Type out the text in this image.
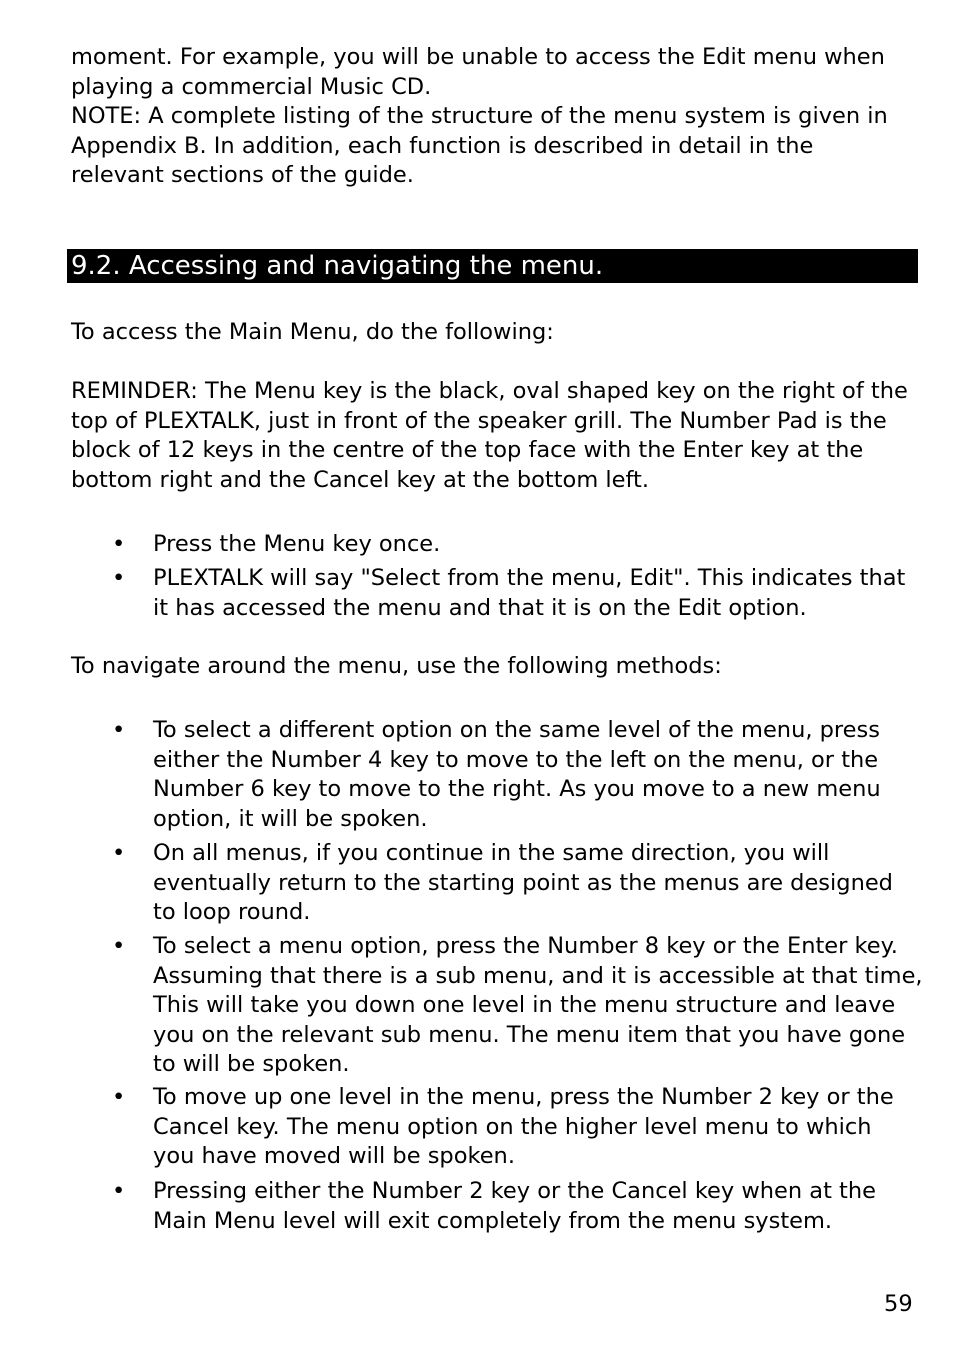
moment. For example, you will be unable to access the Edit menu when
playing a commercial Music CD.
NOTE: A complete listing of the structure of the menu system is given in
Appendix B. In addition, each function is described in detail in the
relevant sections of the guide.

9.2. Accessing and navigating the menu.

To access the Main Menu, do the following:

REMINDER: The Menu key is the black, oval shaped key on the right of the
top of PLEXTALK, just in front of the speaker grill. The Number Pad is the
block of 12 keys in the centre of the top face with the Enter key at the
bottom right and the Cancel key at the bottom left.

• Press the Menu key once.
• PLEXTALK will say "Select from the menu, Edit". This indicates that
it has accessed the menu and that it is on the Edit option.

To navigate around the menu, use the following methods:

• To select a different option on the same level of the menu, press
either the Number 4 key to move to the left on the menu, or the
Number 6 key to move to the right. As you move to a new menu
option, it will be spoken.
• On all menus, if you continue in the same direction, you will
eventually return to the starting point as the menus are designed
to loop round.
• To select a menu option, press the Number 8 key or the Enter key.
Assuming that there is a sub menu, and it is accessible at that time,
This will take you down one level in the menu structure and leave
you on the relevant sub menu. The menu item that you have gone
to will be spoken.
• To move up one level in the menu, press the Number 2 key or the
Cancel key. The menu option on the higher level menu to which
you have moved will be spoken.
• Pressing either the Number 2 key or the Cancel key when at the
Main Menu level will exit completely from the menu system.
59
